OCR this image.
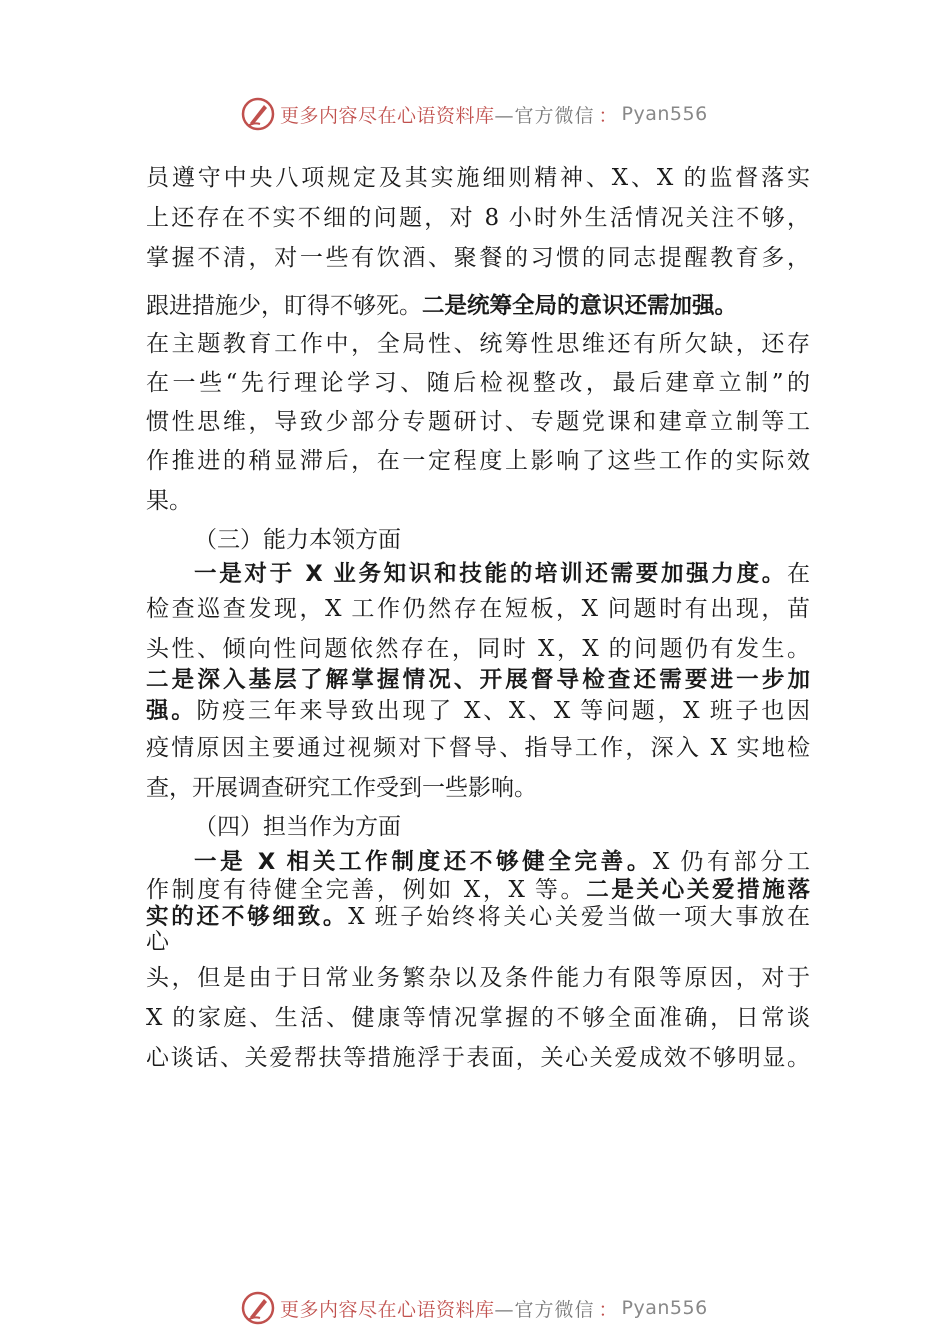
更多内容尽在心语资料库 —官方微信 ： Pyan556
员遵守中央八项规定及其实施细则精神、X、X 的监督落实
上还存在不实不细的问题，对 8 小时外生活情况关注不够，
掌握不清，对一些有饮酒、聚餐的习惯的同志提醒教育多，
跟进措施少，盯得不够死。二是统筹全局的意识还需加强。
在主题教育工作中，全局性、统筹性思维还有所欠缺，还存
在一些“先行理论学习、随后检视整改，最后建章立制”的
惯性思维，导致少部分专题研讨、专题党课和建章立制等工
作推进的稍显滞后，在一定程度上影响了这些工作的实际效
果。
（三）能力本领方面
一是对于 X 业务知识和技能的培训还需要加强力度。在
检查巡查发现，X 工作仍然存在短板，X 问题时有出现，苗
头性、倾向性问题依然存在，同时 X，X 的问题仍有发生。
二是深入基层了解掌握情况、开展督导检查还需要进一步加
强。防疫三年来导致出现了 X、X、X 等问题，X 班子也因
疫情原因主要通过视频对下督导、指导工作，深入 X 实地检
查，开展调查研究工作受到一些影响。
（四）担当作为方面
一是 X 相关工作制度还不够健全完善。X 仍有部分工
作制度有待健全完善，例如 X，X 等。二是关心关爱措施落
实的还不够细致。X 班子始终将关心关爱当做一项大事放在
心
头，但是由于日常业务繁杂以及条件能力有限等原因，对于
X 的家庭、生活、健康等情况掌握的不够全面准确，日常谈
心谈话、关爱帮扶等措施浮于表面，关心关爱成效不够明显。
更多内容尽在心语资料库 —官方微信 ： Pyan556
